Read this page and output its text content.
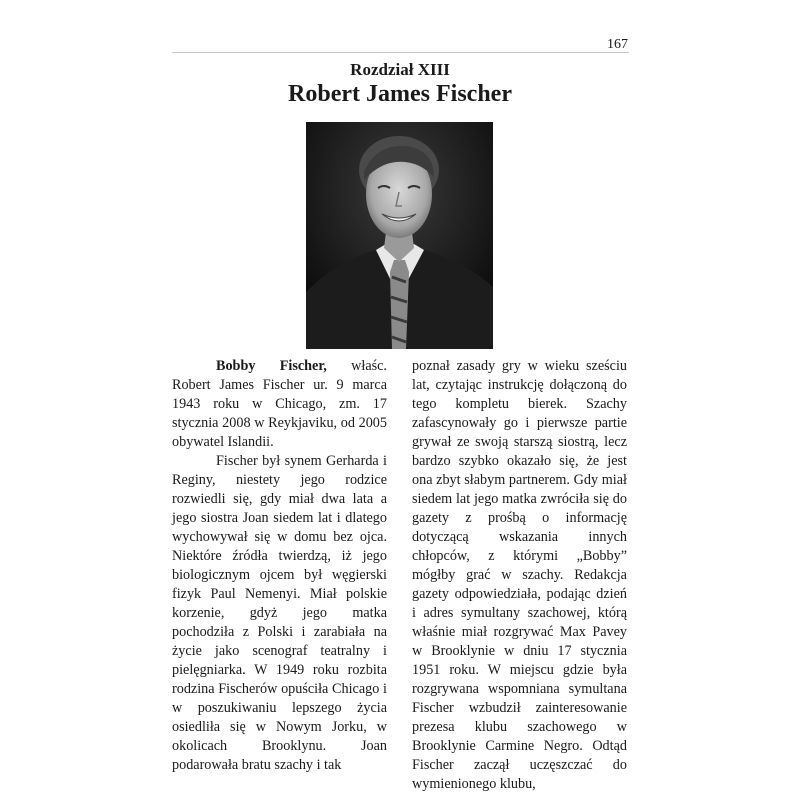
167
Rozdział XIII
Robert James Fischer

Bobby Fischer, właśc. Robert James Fischer ur. 9 marca 1943 roku w Chicago, zm. 17 stycznia 2008 w Reykjaviku, od 2005 obywatel Islandii.

Fischer był synem Gerharda i Reginy, niestety jego rodzice rozwiedli się, gdy miał dwa lata a jego siostra Joan siedem lat i dlatego wychowywał się w domu bez ojca. Niektóre źródła twierdzą, iż jego biologicznym ojcem był węgierski fizyk Paul Nemenyi. Miał polskie korzenie, gdyż jego matka pochodziła z Polski i zarabiała na życie jako scenograf teatralny i pielęgniarka. W 1949 roku rozbita rodzina Fischerów opuściła Chicago i w poszukiwaniu lepszego życia osiedliła się w Nowym Jorku, w okolicach Brooklynu. Joan podarowała bratu szachy i tak

poznał zasady gry w wieku sześciu lat, czytając instrukcję dołączoną do tego kompletu bierek. Szachy zafascynowały go i pierwsze partie grywał ze swoją starszą siostrą, lecz bardzo szybko okazało się, że jest ona zbyt słabym partnerem. Gdy miał siedem lat jego matka zwróciła się do gazety z prośbą o informację dotyczącą wskazania innych chłopców, z którymi „Bobby” mógłby grać w szachy. Redakcja gazety odpowiedziała, podając dzień i adres symultany szachowej, którą właśnie miał rozgrywać Max Pavey w Brooklynie w dniu 17 stycznia 1951 roku. W miejscu gdzie była rozgrywana wspomniana symultana Fischer wzbudził zainteresowanie prezesa klubu szachowego w Brooklynie Carmine Negro. Odtąd Fischer zaczął uczęszczać do wymienionego klubu,
